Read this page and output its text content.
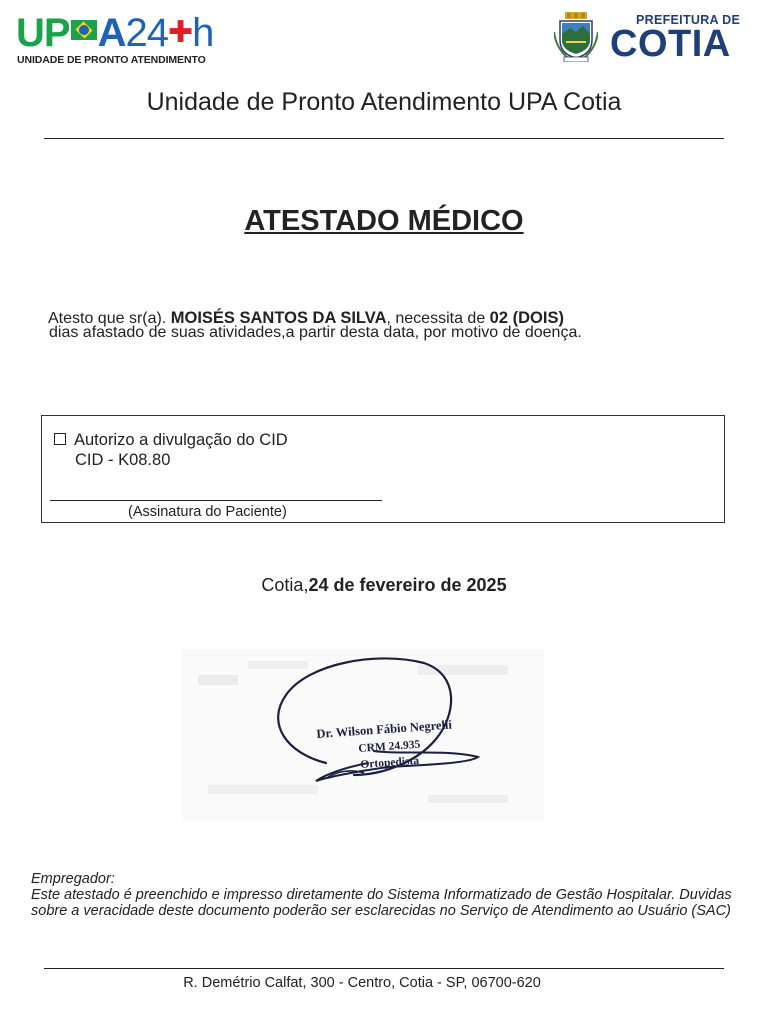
UP A24✚h
UNIDADE DE PRONTO ATENDIMENTO
PREFEITURA DE
COTIA
Unidade de Pronto Atendimento UPA Cotia
ATESTADO MÉDICO
Atesto que sr(a). MOISÉS SANTOS DA SILVA, necessita de 02 (DOIS)
dias afastado de suas atividades,a partir desta data, por motivo de doença.
Autorizo a divulgação do CID
CID - K08.80
(Assinatura do Paciente)
Cotia,24 de fevereiro de 2025
Dr. Wilson Fábio Negrelli
CRM 24.935
Ortopedista
Empregador:
Este atestado é preenchido e impresso diretamente do Sistema Informatizado de Gestão Hospitalar. Duvidas sobre a veracidade deste documento poderão ser esclarecidas no Serviço de Atendimento ao Usuário (SAC)
R. Demétrio Calfat, 300 - Centro, Cotia - SP, 06700-620
